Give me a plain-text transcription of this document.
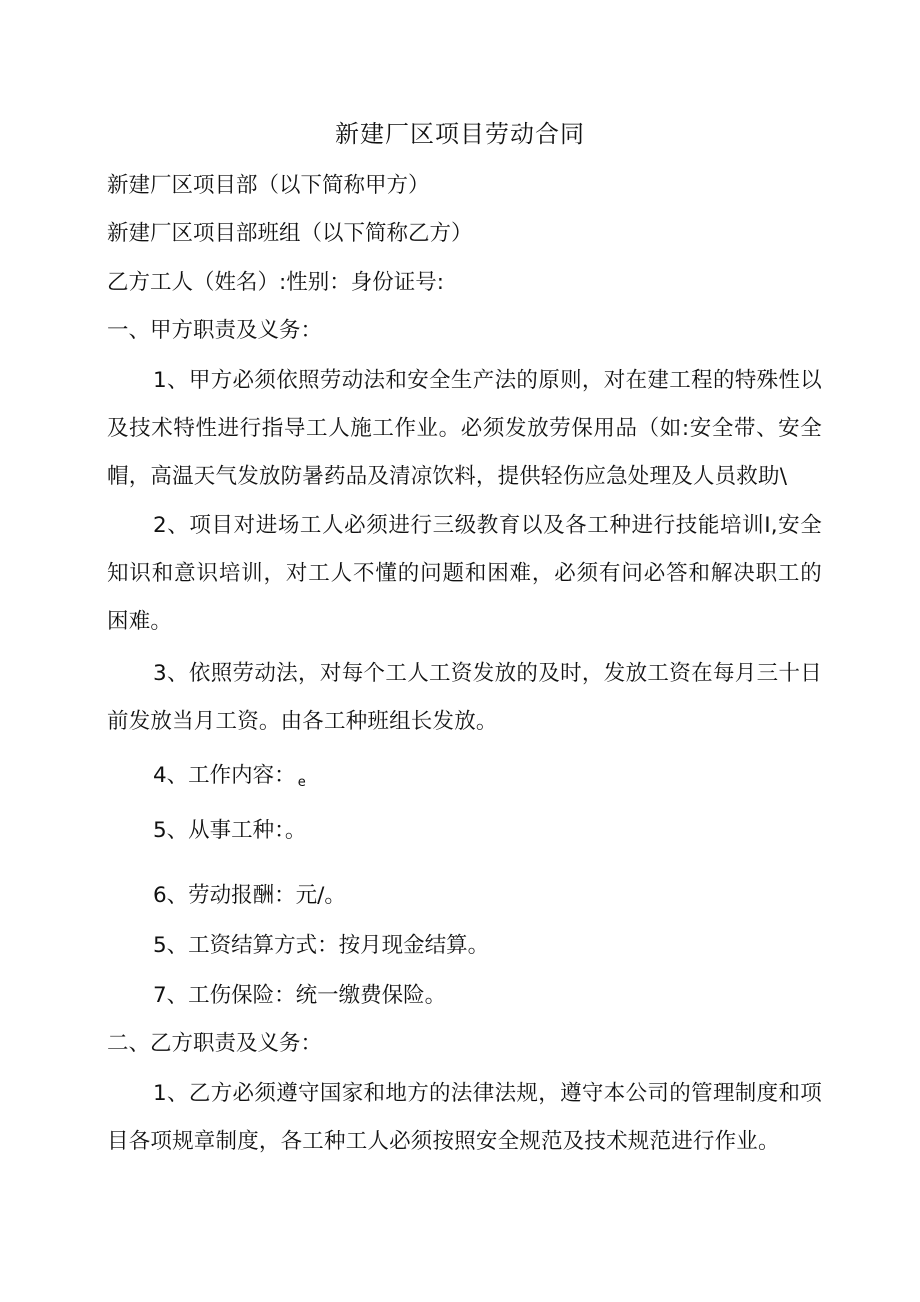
新建厂区项目劳动合同

新建厂区项目部（以下简称甲方）

新建厂区项目部班组（以下简称乙方）

乙方工人（姓名）:性别：身份证号:

一、甲方职责及义务：

1、甲方必须依照劳动法和安全生产法的原则，对在建工程的特殊性以及技术特性进行指导工人施工作业。必须发放劳保用品（如:安全带、安全帽，高温天气发放防暑药品及清凉饮料，提供轻伤应急处理及人员救助\

2、项目对进场工人必须进行三级教育以及各工种进行技能培训I,安全知识和意识培训，对工人不懂的问题和困难，必须有问必答和解决职工的困难。

3、依照劳动法，对每个工人工资发放的及时，发放工资在每月三十日前发放当月工资。由各工种班组长发放。

4、工作内容： e

5、从事工种：。

6、劳动报酬：元/。

5、工资结算方式：按月现金结算。

7、工伤保险：统一缴费保险。

二、乙方职责及义务：

1、乙方必须遵守国家和地方的法律法规，遵守本公司的管理制度和项目各项规章制度，各工种工人必须按照安全规范及技术规范进行作业。
